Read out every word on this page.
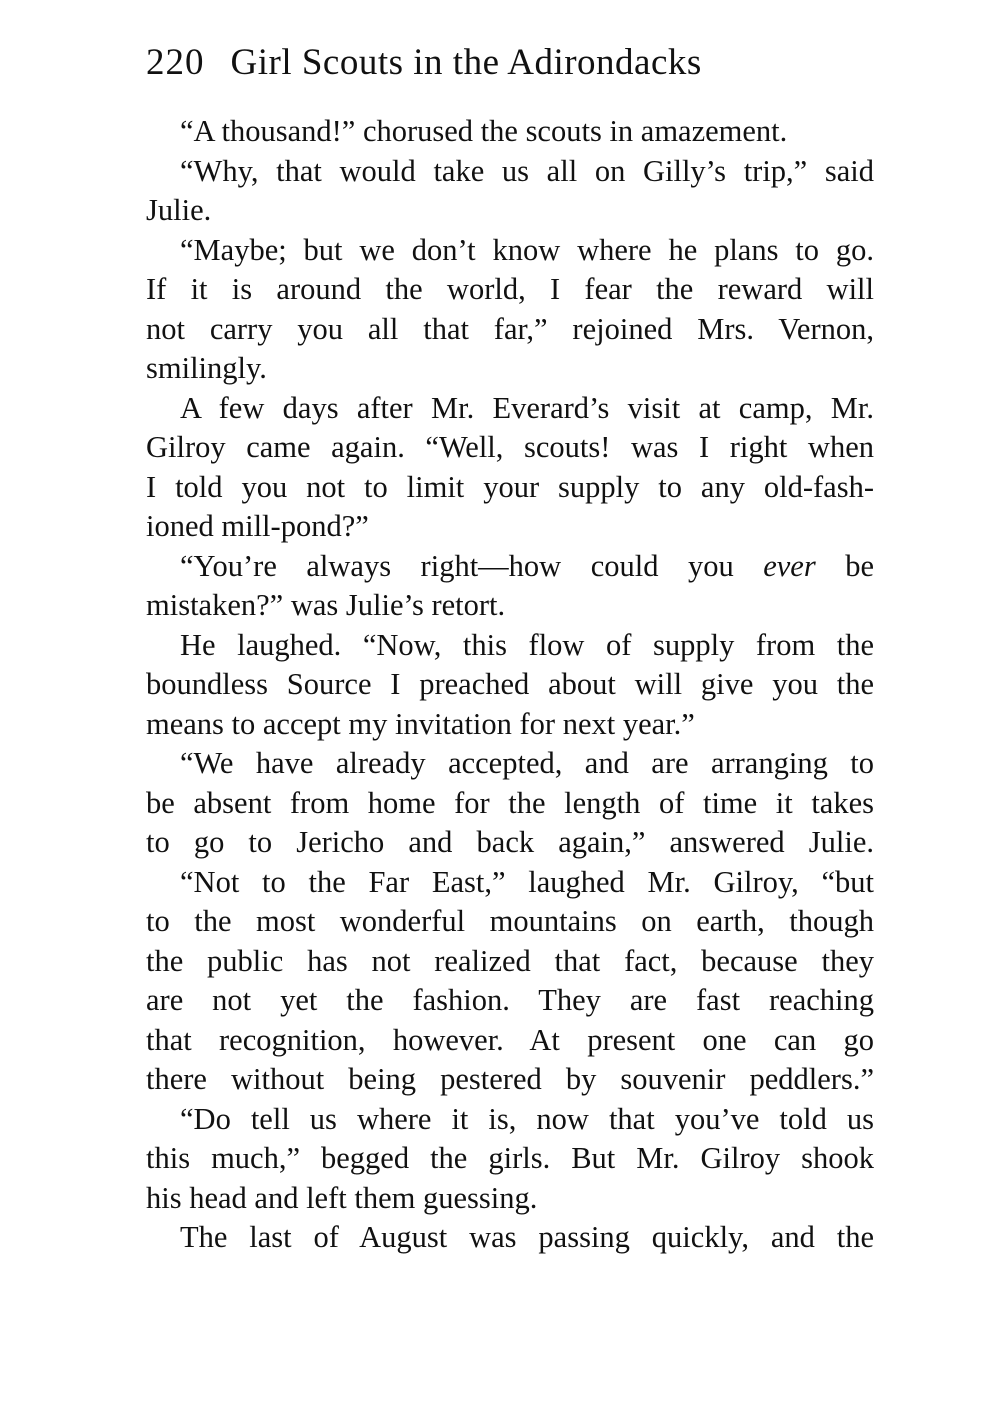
220 Girl Scouts in the Adirondacks
“A thousand!” chorused the scouts in amazement.
“Why, that would take us all on Gilly’s trip,” said
Julie.
“Maybe; but we don’t know where he plans to go.
If it is around the world, I fear the reward will
not carry you all that far,” rejoined Mrs. Vernon,
smilingly.
A few days after Mr. Everard’s visit at camp, Mr.
Gilroy came again. “Well, scouts! was I right when
I told you not to limit your supply to any old-fash-
ioned mill-pond?”
“You’re always right—how could you ever be
mistaken?” was Julie’s retort.
He laughed. “Now, this flow of supply from the
boundless Source I preached about will give you the
means to accept my invitation for next year.”
“We have already accepted, and are arranging to
be absent from home for the length of time it takes
to go to Jericho and back again,” answered Julie.
“Not to the Far East,” laughed Mr. Gilroy, “but
to the most wonderful mountains on earth, though
the public has not realized that fact, because they
are not yet the fashion. They are fast reaching
that recognition, however. At present one can go
there without being pestered by souvenir peddlers.”
“Do tell us where it is, now that you’ve told us
this much,” begged the girls. But Mr. Gilroy shook
his head and left them guessing.
The last of August was passing quickly, and the
